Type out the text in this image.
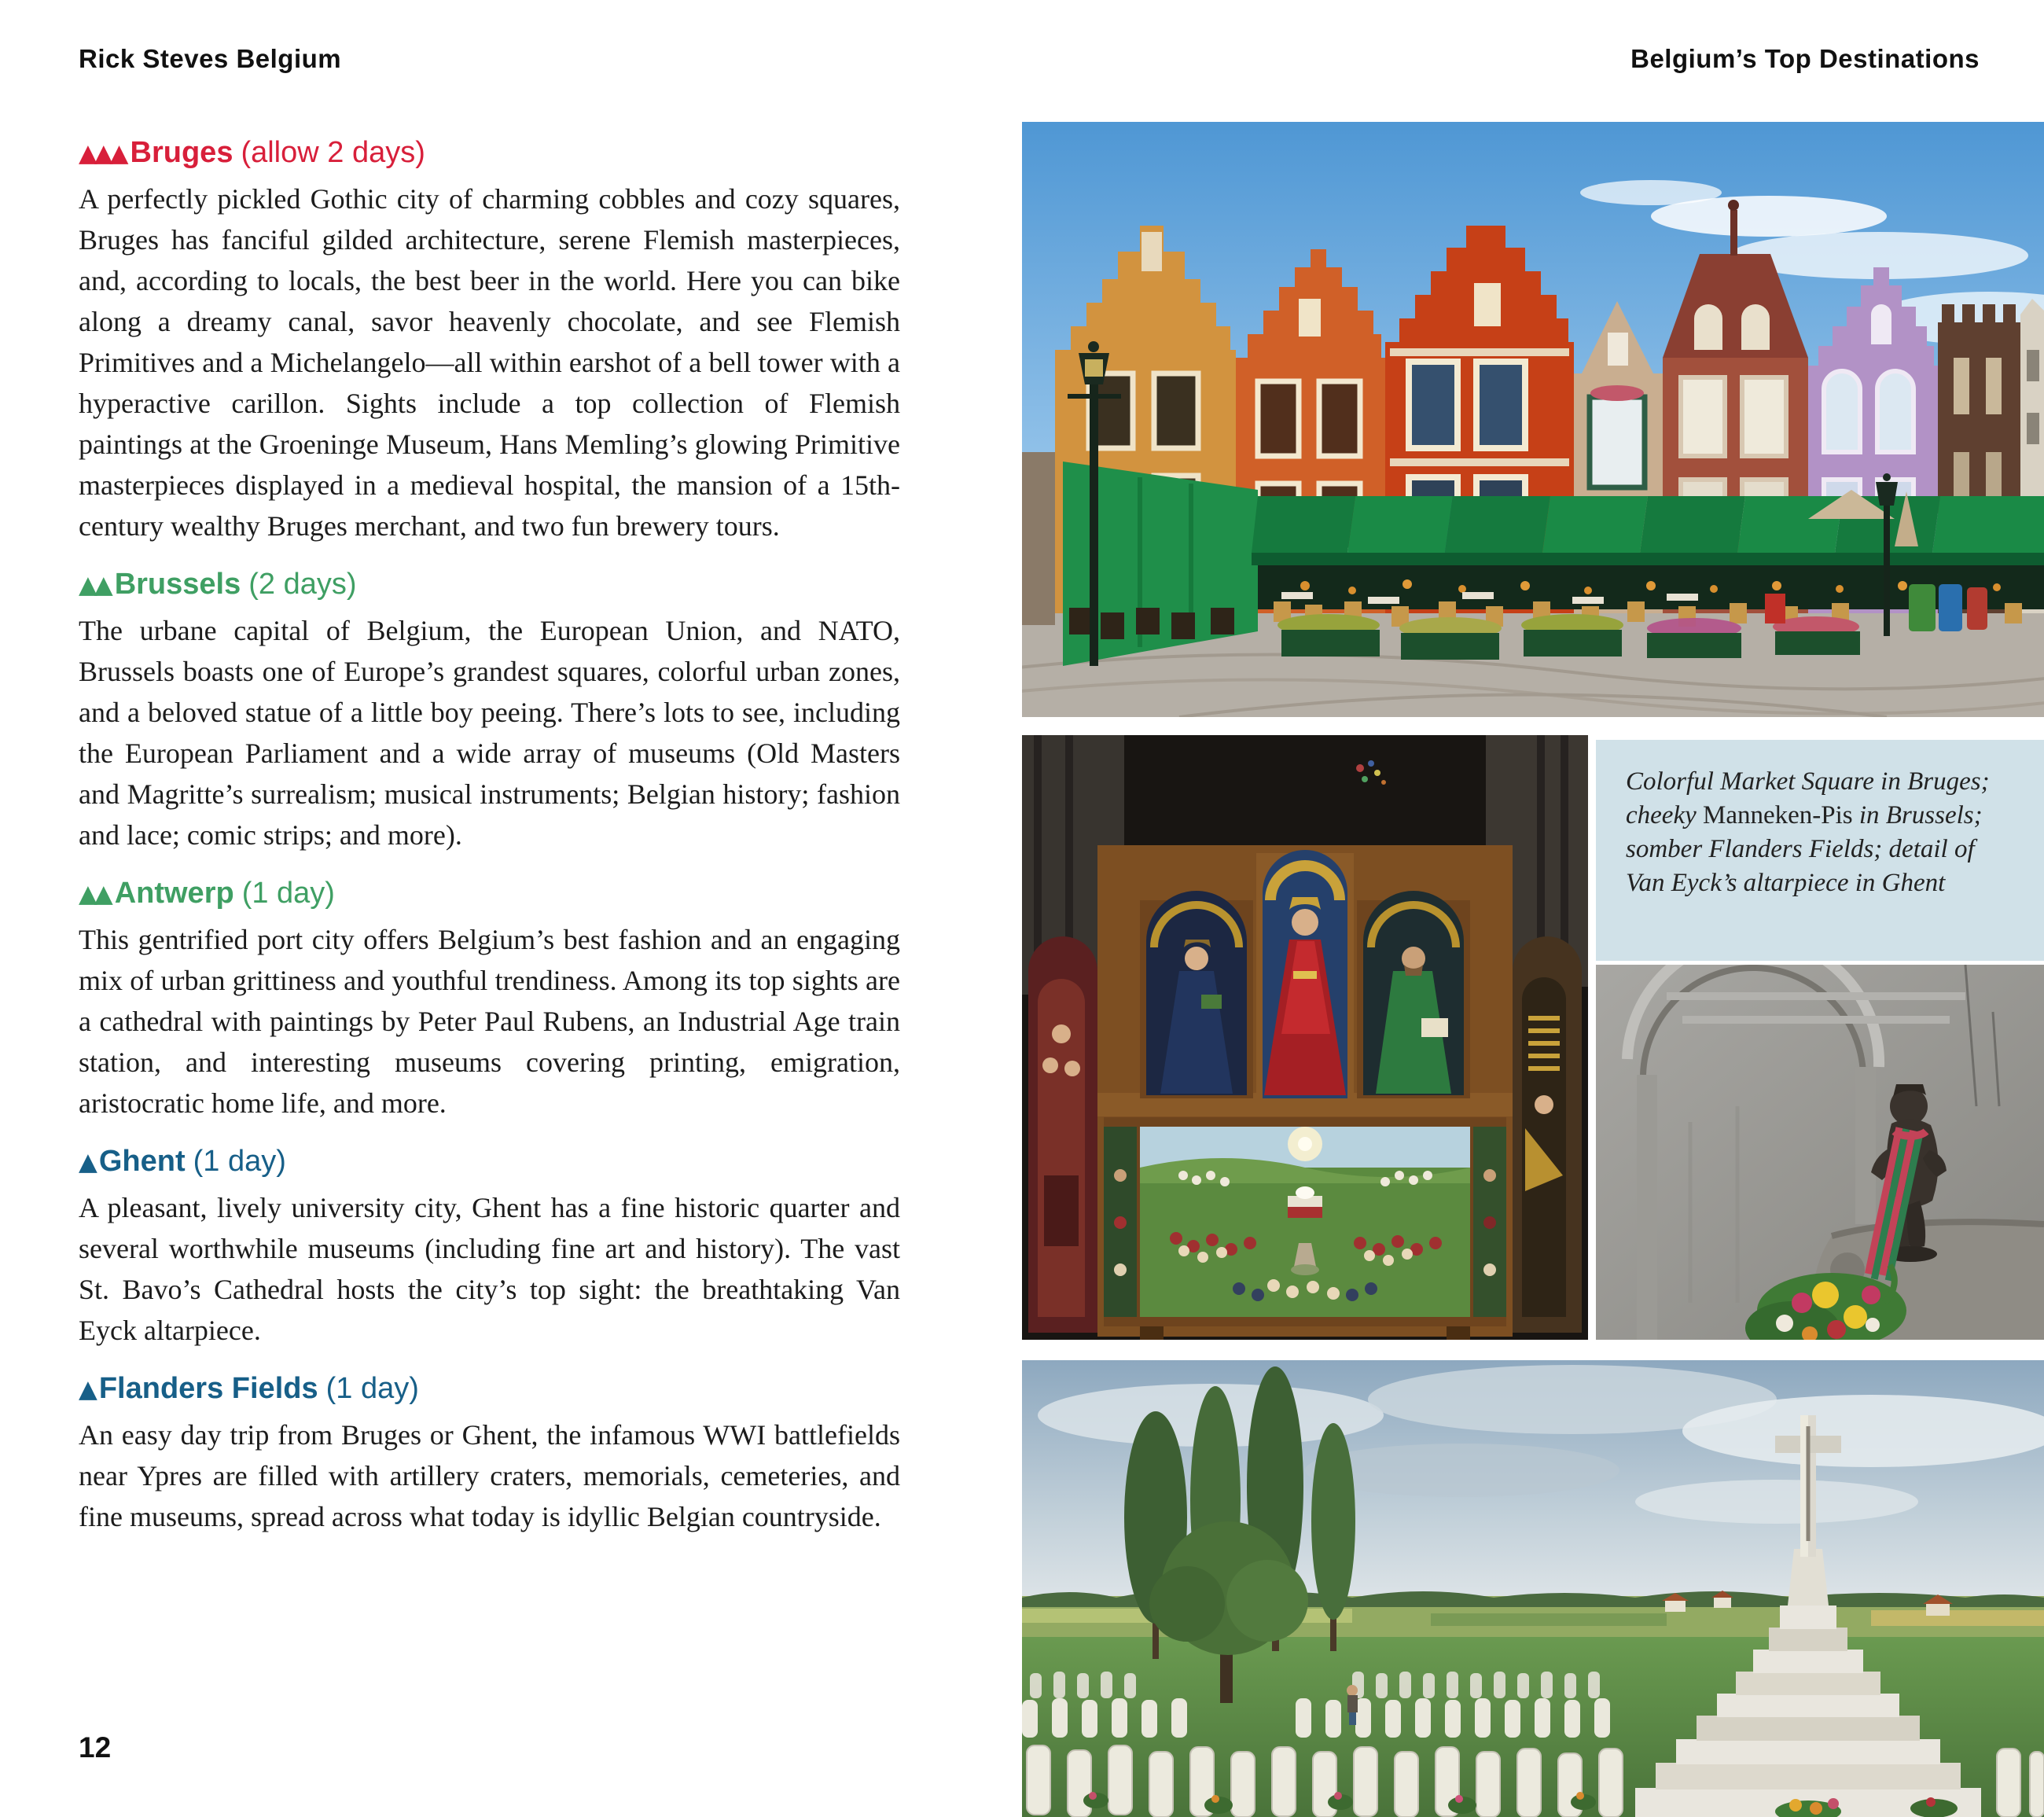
Rick Steves Belgium	Belgium’s Top Destinations
▲▲▲ Bruges (allow 2 days)

A perfectly pickled Gothic city of charming cobbles and cozy squares, Bruges has fanciful gilded architecture, serene Flemish masterpieces, and, according to locals, the best beer in the world. Here you can bike along a dreamy canal, savor heavenly chocolate, and see Flemish Primitives and a Michelangelo—all within earshot of a bell tower with a hyperactive carillon. Sights include a top collection of Flemish paintings at the Groeninge Museum, Hans Memling’s glowing Primitive masterpieces displayed in a medieval hospital, the mansion of a 15th-century wealthy Bruges merchant, and two fun brewery tours.

▲▲ Brussels (2 days)

The urbane capital of Belgium, the European Union, and NATO, Brussels boasts one of Europe’s grandest squares, colorful urban zones, and a beloved statue of a little boy peeing. There’s lots to see, including the European Parliament and a wide array of museums (Old Masters and Magritte’s surrealism; musical instruments; Belgian history; fashion and lace; comic strips; and more).

▲▲ Antwerp (1 day)

This gentrified port city offers Belgium’s best fashion and an engaging mix of urban grittiness and youthful trendiness. Among its top sights are a cathedral with paintings by Peter Paul Rubens, an Industrial Age train station, and interesting museums covering printing, emigration, aristocratic home life, and more.

▲ Ghent (1 day)

A pleasant, lively university city, Ghent has a fine historic quarter and several worthwhile museums (including fine art and history). The vast St. Bavo’s Cathedral hosts the city’s top sight: the breathtaking Van Eyck altarpiece.

▲ Flanders Fields (1 day)

An easy day trip from Bruges or Ghent, the infamous WWI battlefields near Ypres are filled with artillery craters, memorials, cemeteries, and fine museums, spread across what today is idyllic Belgian countryside.

Colorful Market Square in Bruges; cheeky Manneken-Pis in Brussels; somber Flanders Fields; detail of Van Eyck’s altarpiece in Ghent
12
